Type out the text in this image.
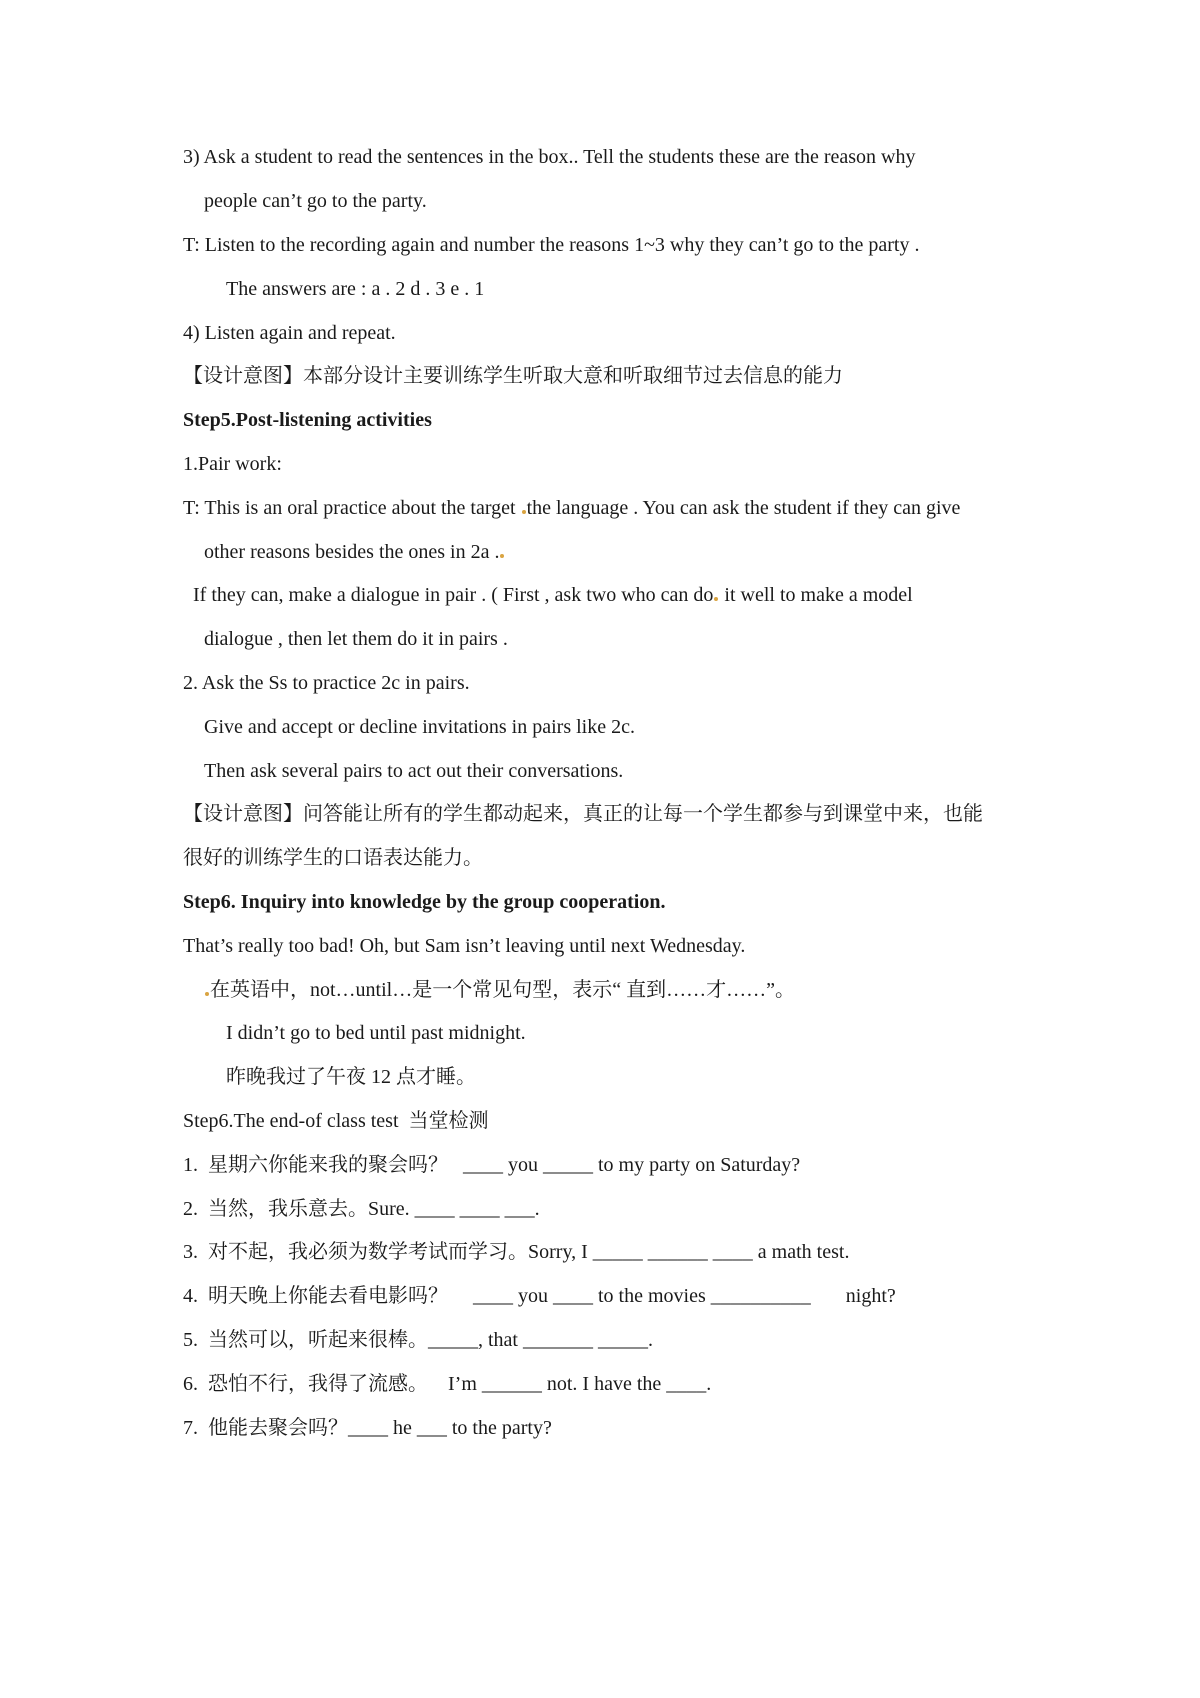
3) Ask a student to read the sentences in the box.. Tell the students these are the reason why
people can’t go to the party.
T: Listen to the recording again and number the reasons 1~3 why they can’t go to the party .
The answers are : a . 2 d . 3 e . 1
4) Listen again and repeat.
【设计意图】本部分设计主要训练学生听取大意和听取细节过去信息的能力
Step5.Post-listening activities
1.Pair work:
T: This is an oral practice about the target the language . You can ask the student if they can give
other reasons besides the ones in 2a .
If they can, make a dialogue in pair . ( First , ask two who can do it well to make a model
dialogue , then let them do it in pairs .
2. Ask the Ss to practice 2c in pairs.
Give and accept or decline invitations in pairs like 2c.
Then ask several pairs to act out their conversations.
【设计意图】问答能让所有的学生都动起来，真正的让每一个学生都参与到课堂中来，也能
很好的训练学生的口语表达能力。
Step6. Inquiry into knowledge by the group cooperation.
That’s really too bad! Oh, but Sam isn’t leaving until next Wednesday.
在英语中，not…until…是一个常见句型，表示“ 直到……才……”。
I didn’t go to bed until past midnight.
昨晚我过了午夜 12 点才睡。
Step6.The end-of class test  当堂检测
1.  星期六你能来我的聚会吗？   ____ you _____ to my party on Saturday?
2.  当然，我乐意去。Sure. ____ ____ ___.
3.  对不起，我必须为数学考试而学习。Sorry, I _____ ______ ____ a math test.
4.  明天晚上你能去看电影吗？     ____ you ____ to the movies __________       night?
5.  当然可以，听起来很棒。_____, that _______ _____.
6.  恐怕不行，我得了流感。    I’m ______ not. I have the ____.
7.  他能去聚会吗？____ he ___ to the party?
